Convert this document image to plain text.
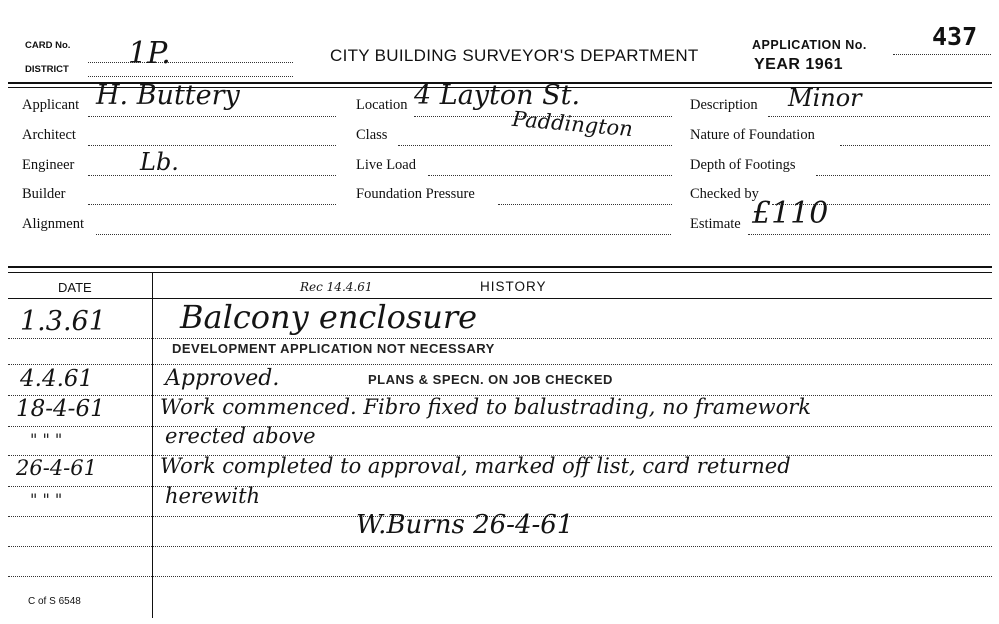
CARD No.
DISTRICT 1P.	CITY BUILDING SURVEYOR'S DEPARTMENT
APPLICATION No.	437
YEAR 1961
Applicant H. Buttery
Architect
Engineer	Lb.
Builder
Alignment
Location 4 Layton St.
Paddington
Class
Live Load
Foundation Pressure
Description Minor
Nature of Foundation
Depth of Footings
Checked by
Estimate £110
DATE	HISTORY
Rec 14.4.61
1.3.61 Balcony enclosure
DEVELOPMENT APPLICATION NOT NECESSARY
4.4.61	Approved.	PLANS & SPECN. ON JOB CHECKED
18-4-61	Work commenced. Fibro fixed to balustrading, no framework
" " "	erected above
26-4-61	Work completed to approval, marked off list, card returned
" " "	herewith
W.Burns 26-4-61
C of S 6548
